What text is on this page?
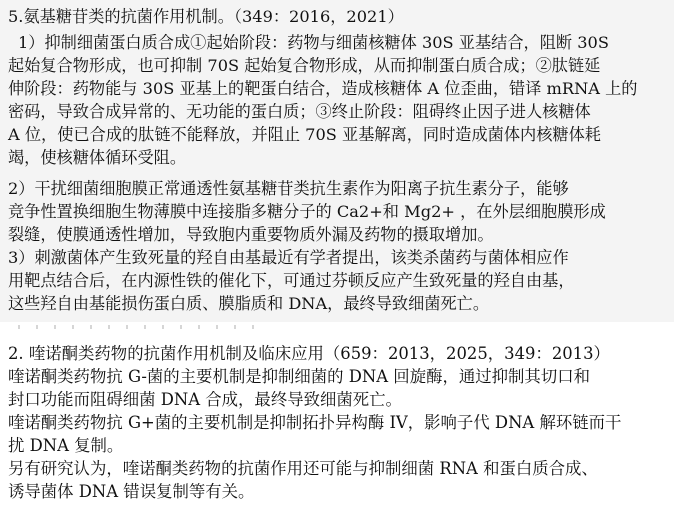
5.氨基糖苷类的抗菌作用机制。（349：2016，2021）
1）抑制细菌蛋白质合成①起始阶段：药物与细菌核糖体 30S 亚基结合，阻断 30S
起始复合物形成，也可抑制 70S 起始复合物形成，从而抑制蛋白质合成；②肽链延
伸阶段：药物能与 30S 亚基上的靶蛋白结合，造成核糖体 A 位歪曲，错译 mRNA 上的
密码，导致合成异常的、无功能的蛋白质；③终止阶段：阻碍终止因子进人核糖体
A 位，使已合成的肽链不能释放，并阻止 70S 亚基解离，同时造成菌体内核糖体耗
竭，使核糖体循环受阻。
2）干扰细菌细胞膜正常通透性氨基糖苷类抗生素作为阳离子抗生素分子，能够
竞争性置换细胞生物薄膜中连接脂多糖分子的 Ca2+和 Mg2+ ，在外层细胞膜形成
裂缝，使膜通透性增加，导致胞内重要物质外漏及药物的摄取增加。
3）刺激菌体产生致死量的羟自由基最近有学者提出，该类杀菌药与菌体相应作
用靶点结合后，在内源性铁的催化下，可通过芬顿反应产生致死量的羟自由基，
这些羟自由基能损伤蛋白质、膜脂质和 DNA，最终导致细菌死亡。
2. 喹诺酮类药物的抗菌作用机制及临床应用（659：2013，2025，349：2013）
喹诺酮类药物抗 G-菌的主要机制是抑制细菌的 DNA 回旋酶，通过抑制其切口和
封口功能而阻碍细菌 DNA 合成，最终导致细菌死亡。
喹诺酮类药物抗 G+菌的主要机制是抑制拓扑异构酶 IV，影响子代 DNA 解环链而干
扰 DNA 复制。
另有研究认为，喹诺酮类药物的抗菌作用还可能与抑制细菌 RNA 和蛋白质合成、
诱导菌体 DNA 错误复制等有关。
